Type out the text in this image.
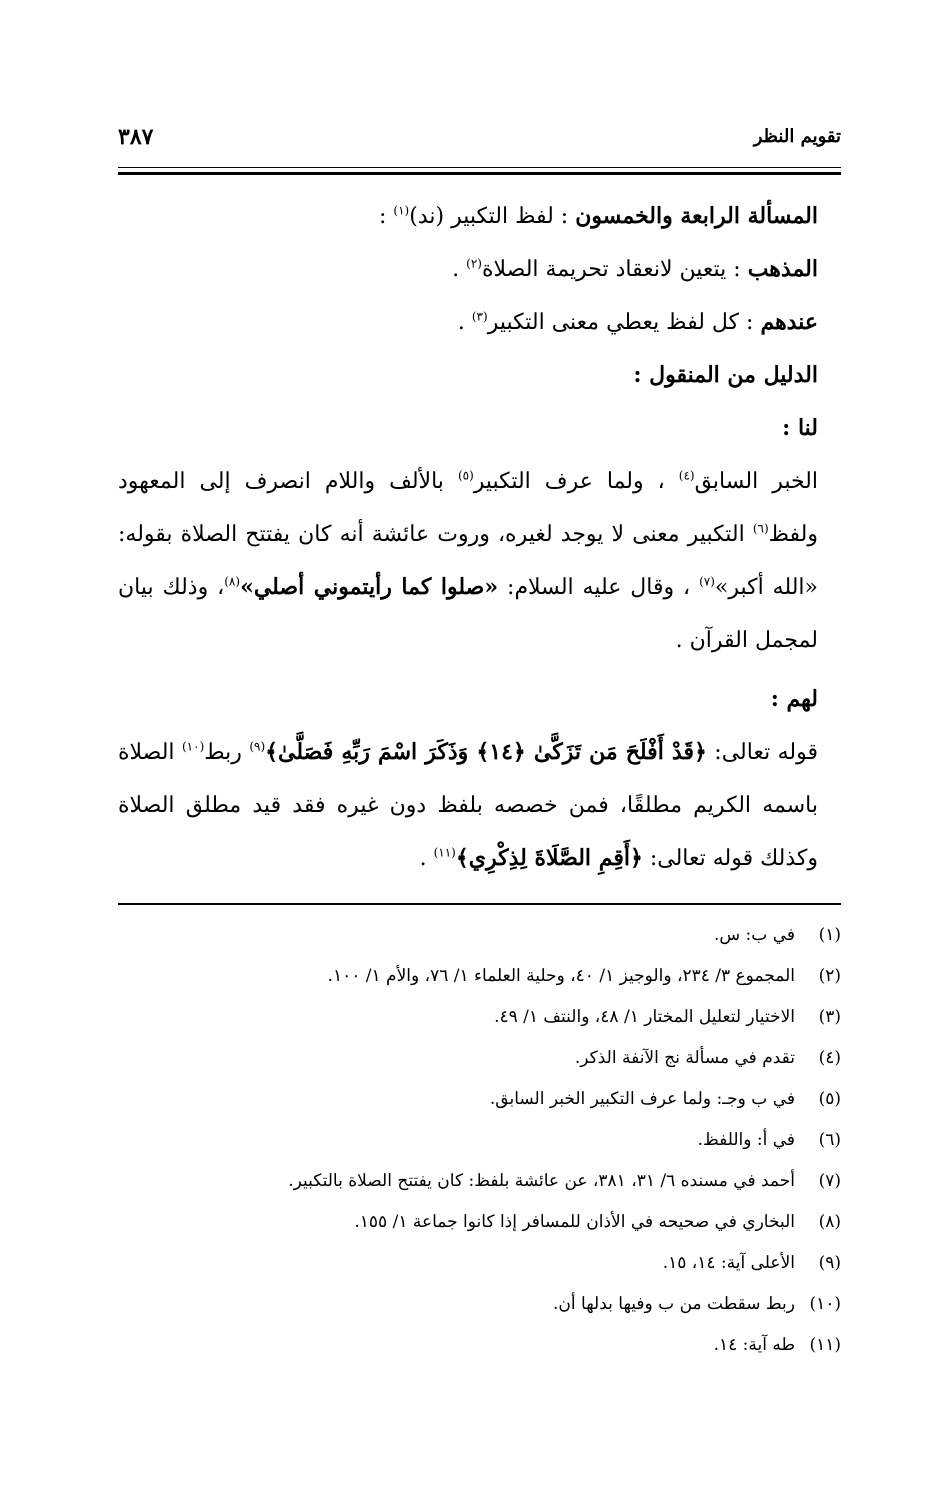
تقويم النظر
٣٨٧
المسألة الرابعة والخمسون : لفظ التكبير (ند)$^{(١)}$ :
المذهب : يتعين لانعقاد تحريمة الصلاة$^{(٢)}$ .
عندهم : كل لفظ يعطي معنى التكبير$^{(٣)}$ .
الدليل من المنقول :
لنا :
الخبر السابق$^{(٤)}$ ، ولما عرف التكبير$^{(٥)}$ بالألف واللام انصرف إلى المعهود ولفظ$^{(٦)}$ التكبير معنى لا يوجد لغيره، وروت عائشة أنه كان يفتتح الصلاة بقوله: «الله أكبر»$^{(٧)}$ ، وقال عليه السلام: «صلوا كما رأيتموني أصلي»$^{(٨)}$، وذلك بيان لمجمل القرآن .
لهم :
قوله تعالى: ﴿قَدْ أَفْلَحَ مَن تَزَكَّىٰ ﴿١٤﴾ وَذَكَرَ اسْمَ رَبِّهِ فَصَلَّىٰ﴾$^{(٩)}$ ربط$^{(١٠)}$ الصلاة باسمه الكريم مطلقًا، فمن خصصه بلفظ دون غيره فقد قيد مطلق الصلاة وكذلك قوله تعالى: ﴿أَقِمِ الصَّلَاةَ لِذِكْرِي﴾$^{(١١)}$ .
(١)في ب: س.
(٢)المجموع ٣/ ٢٣٤، والوجيز ١/ ٤٠، وحلية العلماء ١/ ٧٦، والأم ١/ ١٠٠.
(٣)الاختيار لتعليل المختار ١/ ٤٨، والنتف ١/ ٤٩.
(٤)تقدم في مسألة نج الآنفة الذكر.
(٥)في ب وجـ: ولما عرف التكبير الخبر السابق.
(٦)في أ: واللفظ.
(٧)أحمد في مسنده ٦/ ٣١، ٣٨١، عن عائشة بلفظ: كان يفتتح الصلاة بالتكبير.
(٨)البخاري في صحيحه في الأذان للمسافر إذا كانوا جماعة ١/ ١٥٥.
(٩)الأعلى آية: ١٤، ١٥.
(١٠)ربط سقطت من ب وفيها بدلها أن.
(١١)طه آية: ١٤.
